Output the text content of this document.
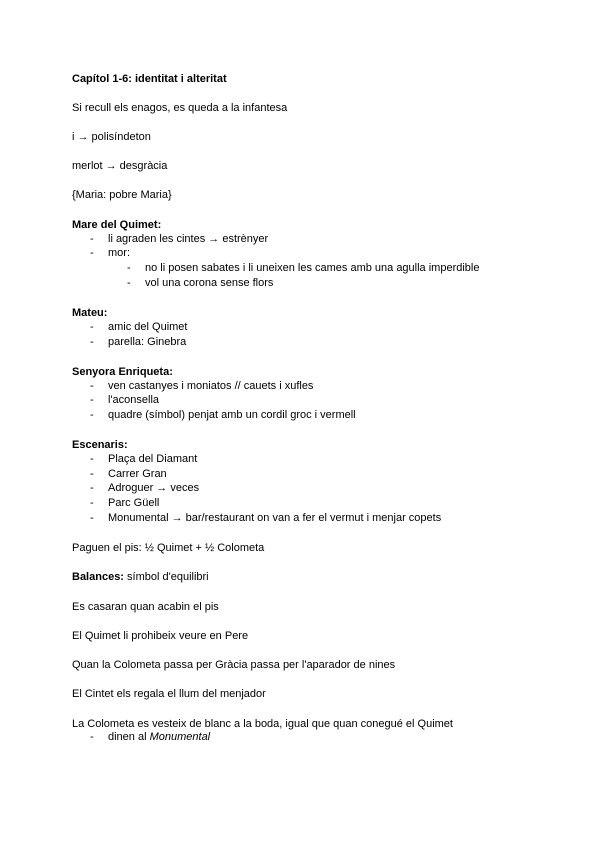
Capítol 1-6: identitat i alteritat
Si recull els enagos, es queda a la infantesa
i → polisíndeton
merlot → desgràcia
{Maria: pobre Maria}
Mare del Quimet:
- li agraden les cintes → estrènyer
- mor:
- no li posen sabates i li uneixen les cames amb una agulla imperdible
- vol una corona sense flors
Mateu:
- amic del Quimet
- parella: Ginebra
Senyora Enriqueta:
- ven castanyes i moniatos // cauets i xufles
- l'aconsella
- quadre (símbol) penjat amb un cordil groc i vermell
Escenaris:
- Plaça del Diamant
- Carrer Gran
- Adroguer → veces
- Parc Güell
- Monumental → bar/restaurant on van a fer el vermut i menjar copets
Paguen el pis: ½ Quimet + ½ Colometa
Balances: símbol d'equilibri
Es casaran quan acabin el pis
El Quimet li prohibeix veure en Pere
Quan la Colometa passa per Gràcia passa per l'aparador de nines
El Cintet els regala el llum del menjador
La Colometa es vesteix de blanc a la boda, igual que quan conegué el Quimet
- dinen al Monumental
